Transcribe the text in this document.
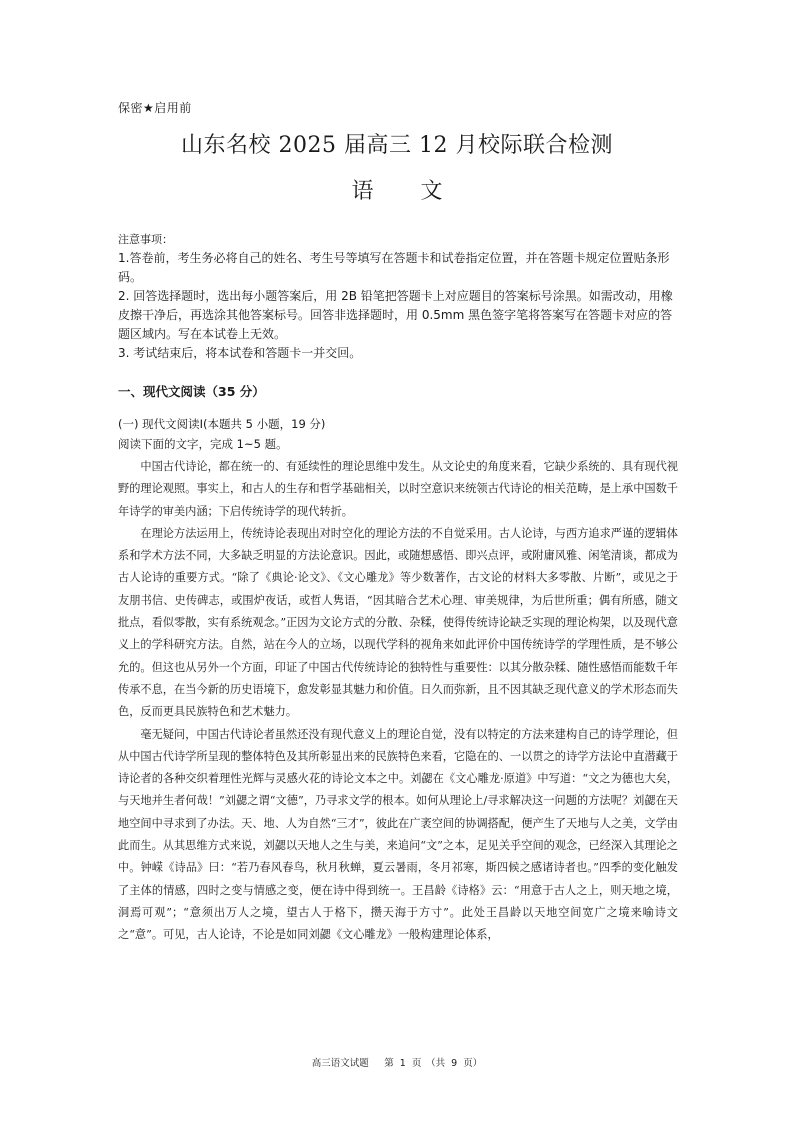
保密★启用前
山东名校 2025 届高三 12 月校际联合检测
语 文

注意事项：

1.答卷前，考生务必将自己的姓名、考生号等填写在答题卡和试卷指定位置，并在答题卡规定位置贴条形码。

2. 回答选择题时，选出每小题答案后，用 2B 铅笔把答题卡上对应题目的答案标号涂黑。如需改动，用橡皮擦干净后，再选涂其他答案标号。回答非选择题时，用 0.5mm 黑色签字笔将答案写在答题卡对应的答题区域内。写在本试卷上无效。

3. 考试结束后，将本试卷和答题卡一并交回。

一、现代文阅读（35 分）
(一) 现代文阅读Ⅰ(本题共 5 小题，19 分)
阅读下面的文字，完成 1~5 题。

中国古代诗论，都在统一的、有延续性的理论思维中发生。从文论史的角度来看，它缺少系统的、具有现代视野的理论观照。事实上，和古人的生存和哲学基础相关，以时空意识来统领古代诗论的相关范畴，是上承中国数千年诗学的审美内涵；下启传统诗学的现代转折。

在理论方法运用上，传统诗论表现出对时空化的理论方法的不自觉采用。古人论诗，与西方追求严谨的逻辑体系和学术方法不同，大多缺乏明显的方法论意识。因此，或随想感悟、即兴点评，或附庸风雅、闲笔清谈，都成为古人论诗的重要方式。“除了《典论·论文》、《文心雕龙》等少数著作，古文论的材料大多零散、片断”，或见之于友朋书信、史传碑志，或围炉夜话，或哲人隽语，“因其暗合艺术心理、审美规律，为后世所重；偶有所感，随文批点，看似零散，实有系统观念。”正因为文论方式的分散、杂糅，使得传统诗论缺乏实现的理论构架，以及现代意义上的学科研究方法。自然，站在今人的立场，以现代学科的视角来如此评价中国传统诗学的学理性质，是不够公允的。但这也从另外一个方面，印证了中国古代传统诗论的独特性与重要性：以其分散杂糅、随性感悟而能数千年传承不息，在当今新的历史语境下，愈发彰显其魅力和价值。日久而弥新，且不因其缺乏现代意义的学术形态而失色，反而更具民族特色和艺术魅力。

毫无疑问，中国古代诗论者虽然还没有现代意义上的理论自觉，没有以特定的方法来建构自己的诗学理论，但从中国古代诗学所呈现的整体特色及其所彰显出来的民族特色来看，它隐在的、一以贯之的诗学方法论中直潜藏于诗论者的各种交织着理性光辉与灵感火花的诗论文本之中。刘勰在《文心雕龙·原道》中写道：“文之为德也大矣，与天地并生者何哉！”刘勰之谓“文德”，乃寻求文学的根本。如何从理论上/寻求解决这一问题的方法呢？刘勰在天地空间中寻求到了办法。天、地、人为自然“三才”，彼此在广袤空间的协调搭配，便产生了天地与人之美，文学由此而生。从其思维方式来说，刘勰以天地人之生与美，来追问“文”之本，足见关乎空间的观念，已经深入其理论之中。钟嵘《诗品》曰：“若乃春风春鸟，秋月秋蝉，夏云暑雨，冬月祁寒，斯四候之感诸诗者也。”四季的变化触发了主体的情感，四时之变与情感之变，便在诗中得到统一。王昌龄《诗格》云：“用意于古人之上，则天地之境，洞焉可观”；“意须出万人之境，望古人于格下，攒天海于方寸”。此处王昌龄以天地空间宽广之境来喻诗文之“意”。可见，古人论诗，不论是如同刘勰《文心雕龙》一般构建理论体系，

高三语文试题　 第 1 页　（共 9 页）
